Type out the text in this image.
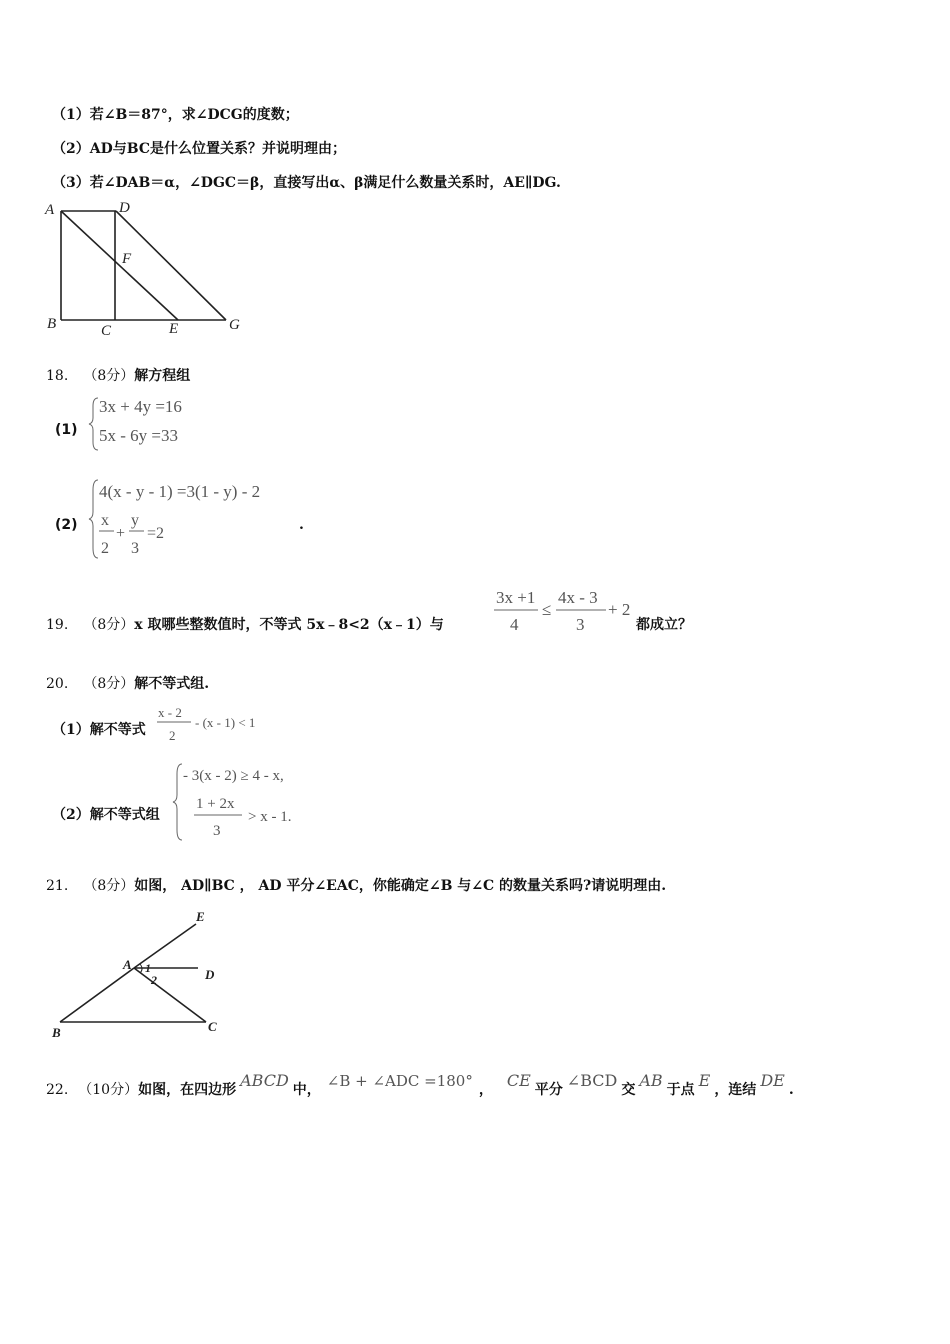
（1）若∠B＝87°，求∠DCG的度数；
（2）AD与BC是什么位置关系？并说明理由；
（3）若∠DAB＝α，∠DGC＝β，直接写出α、β满足什么数量关系时，AE∥DG.
A	D
F
B	C	E	G
18. （8分）解方程组
(1)
3x + 4y =16
5x - 6y =33
(2)
4(x - y - 1) =3(1 - y) - 2
x
2
+
y
3
=2	.
19. （8分）x 取哪些整数值时，不等式 5x﹣8<2（x﹣1）与
3x +1
4
≤
4x - 3
3
+ 2
都成立？
20. （8分）解不等式组.
（1）解不等式
x - 2
2
- (x - 1) < 1
（2）解不等式组
- 3(x - 2) ≥ 4 - x,
1 + 2x
3
> x - 1.
21. （8分）如图， AD∥BC ， AD 平分∠EAC，你能确定∠B 与∠C 的数量关系吗?请说明理由.
E
A 1
2	D
B	C
22. （10分） 如图，在四边形 ABCD 中， ∠B + ∠ADC =180° ， CE 平分 ∠BCD 交 AB 于点 E ，连结 DE .
